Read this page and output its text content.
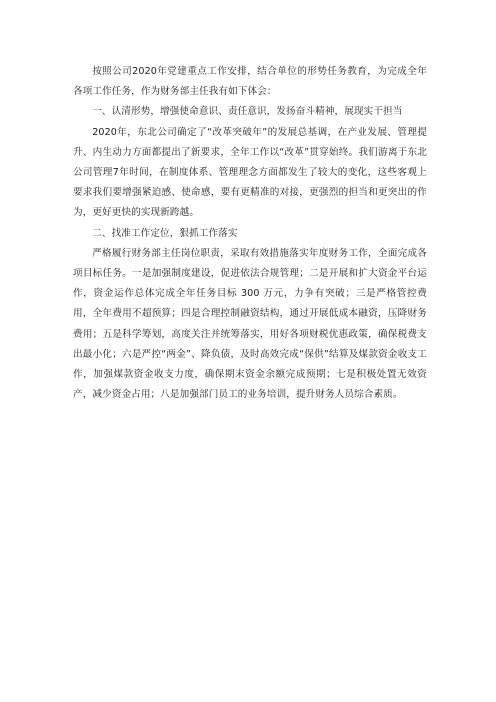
按照公司2020年党建重点工作安排，结合单位的形势任务教育，为完成全年各项工作任务，作为财务部主任我有如下体会：

一、认清形势，增强使命意识、责任意识，发扬奋斗精神，展现实干担当

2020年，东北公司确定了“改革突破年”的发展总基调，在产业发展、管理提升、内生动力方面都提出了新要求，全年工作以“改革”贯穿始终。我们游离于东北公司管理7年时间，在制度体系、管理理念方面都发生了较大的变化，这些客观上要求我们要增强紧迫感、使命感，要有更精准的对接，更强烈的担当和更突出的作为，更好更快的实现新跨越。

二、找准工作定位，狠抓工作落实

严格履行财务部主任岗位职责，采取有效措施落实年度财务工作，全面完成各项目标任务。一是加强制度建设，促进依法合规管理；二是开展和扩大资金平台运作，资金运作总体完成全年任务目标 300 万元，力争有突破；三是严格管控费用，全年费用不超预算；四是合理控制融资结构，通过开展低成本融资，压降财务费用；五是科学筹划，高度关注并统筹落实，用好各项财税优惠政策，确保税费支出最小化；六是严控“两金”、降负债，及时高效完成“保供”结算及煤款资金收支工作，加强煤款资金收支力度，确保期末资金余额完成预期；七是积极处置无效资产，减少资金占用；八是加强部门员工的业务培训，提升财务人员综合素质。
